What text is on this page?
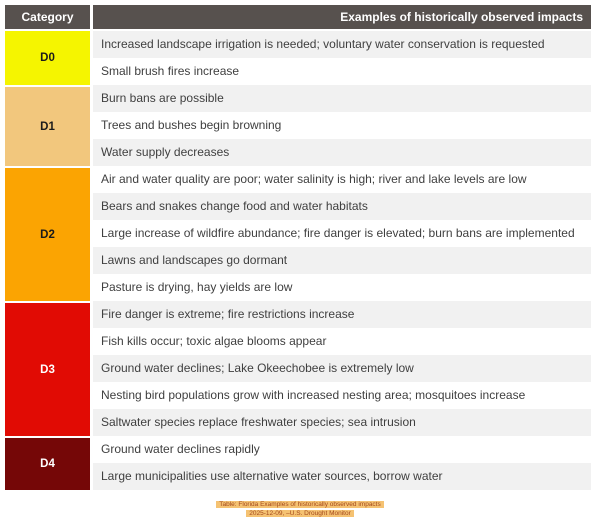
Category	Examples of historically observed impacts
D0
D1
D2
D3
D4
Increased landscape irrigation is needed; voluntary water conservation is requested
Small brush fires increase
Burn bans are possible
Trees and bushes begin browning
Water supply decreases
Air and water quality are poor; water salinity is high; river and lake levels are low
Bears and snakes change food and water habitats
Large increase of wildfire abundance; fire danger is elevated; burn bans are implemented
Lawns and landscapes go dormant
Pasture is drying, hay yields are low
Fire danger is extreme; fire restrictions increase
Fish kills occur; toxic algae blooms appear
Ground water declines; Lake Okeechobee is extremely low
Nesting bird populations grow with increased nesting area; mosquitoes increase
Saltwater species replace freshwater species; sea intrusion
Ground water declines rapidly
Large municipalities use alternative water sources, borrow water
Table: Florida Examples of historically observed impacts
2025-12-09, –U.S. Drought Monitor
